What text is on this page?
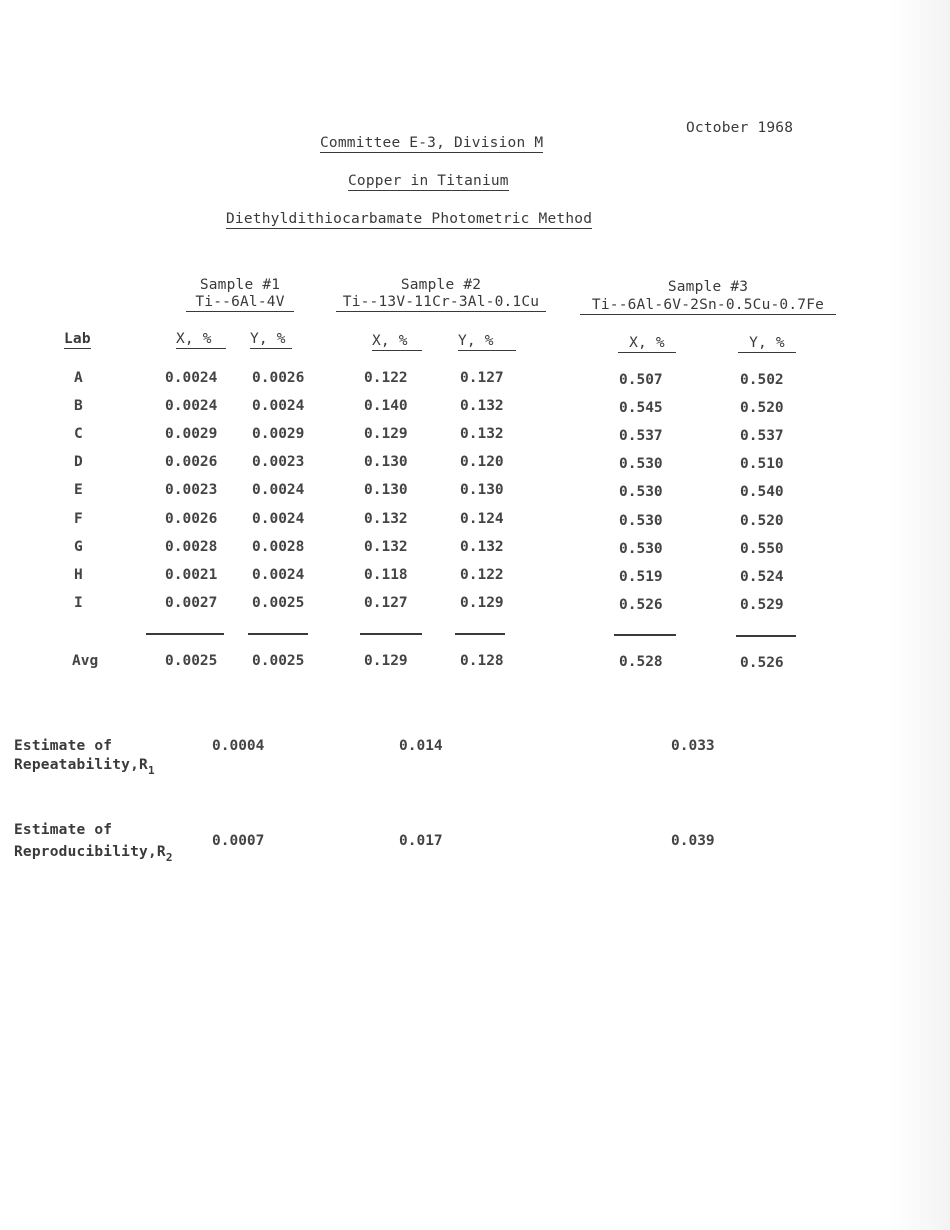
October 1968
Committee E-3, Division M
Copper in Titanium
Diethyldithiocarbamate Photometric Method
Sample #1
Ti--6Al-4V
Sample #2
Ti--13V-11Cr-3Al-0.1Cu
Sample #3
Ti--6Al-6V-2Sn-0.5Cu-0.7Fe
Lab	X, %	Y, %	X, %	Y, %	X, %	Y, %
A	0.0024 0.0026	0.122	0.127	0.507	0.502
B	0.0024 0.0024	0.140	0.132	0.545	0.520
C	0.0029 0.0029	0.129	0.132	0.537	0.537
D	0.0026 0.0023	0.130	0.120	0.530	0.510
E	0.0023 0.0024	0.130	0.130	0.530	0.540
F	0.0026 0.0024	0.132	0.124	0.530	0.520
G	0.0028 0.0028	0.132	0.132	0.530	0.550
H	0.0021 0.0024	0.118	0.122	0.519	0.524
I	0.0027 0.0025	0.127	0.129	0.526	0.529
Avg	0.0025 0.0025	0.129	0.128	0.528	0.526
Estimate of
$Repeatability,R_1$
0.0004	0.014	0.033
Estimate of
$Reproducibility,R_2$
0.0007	0.017	0.039
